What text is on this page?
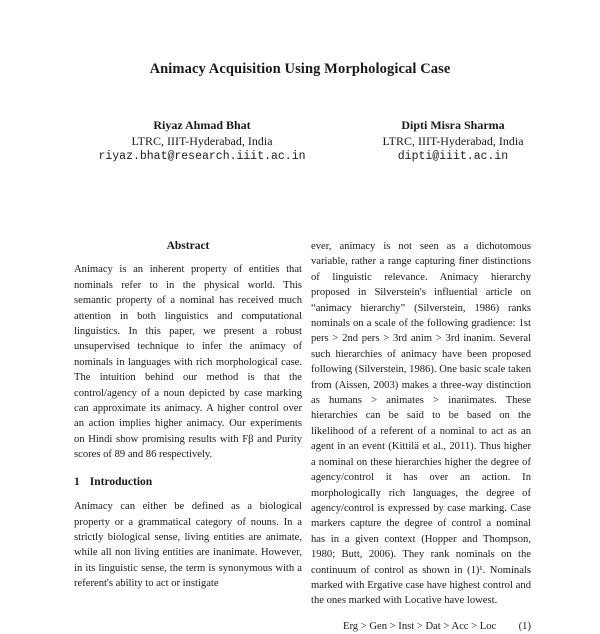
Animacy Acquisition Using Morphological Case
Riyaz Ahmad Bhat
LTRC, IIIT-Hyderabad, India
riyaz.bhat@research.iiit.ac.in
Dipti Misra Sharma
LTRC, IIIT-Hyderabad, India
dipti@iiit.ac.in
Abstract

Animacy is an inherent property of entities that nominals refer to in the physical world. This semantic property of a nominal has received much attention in both linguistics and computational linguistics. In this paper, we present a robust unsupervised technique to infer the animacy of nominals in languages with rich morphological case. The intuition behind our method is that the control/agency of a noun depicted by case marking can approximate its animacy. A higher control over an action implies higher animacy. Our experiments on Hindi show promising results with Fβ and Purity scores of 89 and 86 respectively.

1 Introduction

Animacy can either be defined as a biological property or a grammatical category of nouns. In a strictly biological sense, living entities are animate, while all non living entities are inanimate. However, in its linguistic sense, the term is synonymous with a referent's ability to act or instigate

ever, animacy is not seen as a dichotomous variable, rather a range capturing finer distinctions of linguistic relevance. Animacy hierarchy proposed in Silverstein's influential article on “animacy hierarchy” (Silverstein, 1986) ranks nominals on a scale of the following gradience: 1st pers > 2nd pers > 3rd anim > 3rd inanim. Several such hierarchies of animacy have been proposed following (Silverstein, 1986). One basic scale taken from (Aissen, 2003) makes a three-way distinction as humans > animates > inanimates. These hierarchies can be said to be based on the likelihood of a referent of a nominal to act as an agent in an event (Kittilä et al., 2011). Thus higher a nominal on these hierarchies higher the degree of agency/control it has over an action. In morphologically rich languages, the degree of agency/control is expressed by case marking. Case markers capture the degree of control a nominal has in a given context (Hopper and Thompson, 1980; Butt, 2006). They rank nominals on the continuum of control as shown in (1)¹. Nominals marked with Ergative case have highest control and the ones marked with Locative have lowest.

Erg > Gen > Inst > Dat > Acc > Loc (1)
